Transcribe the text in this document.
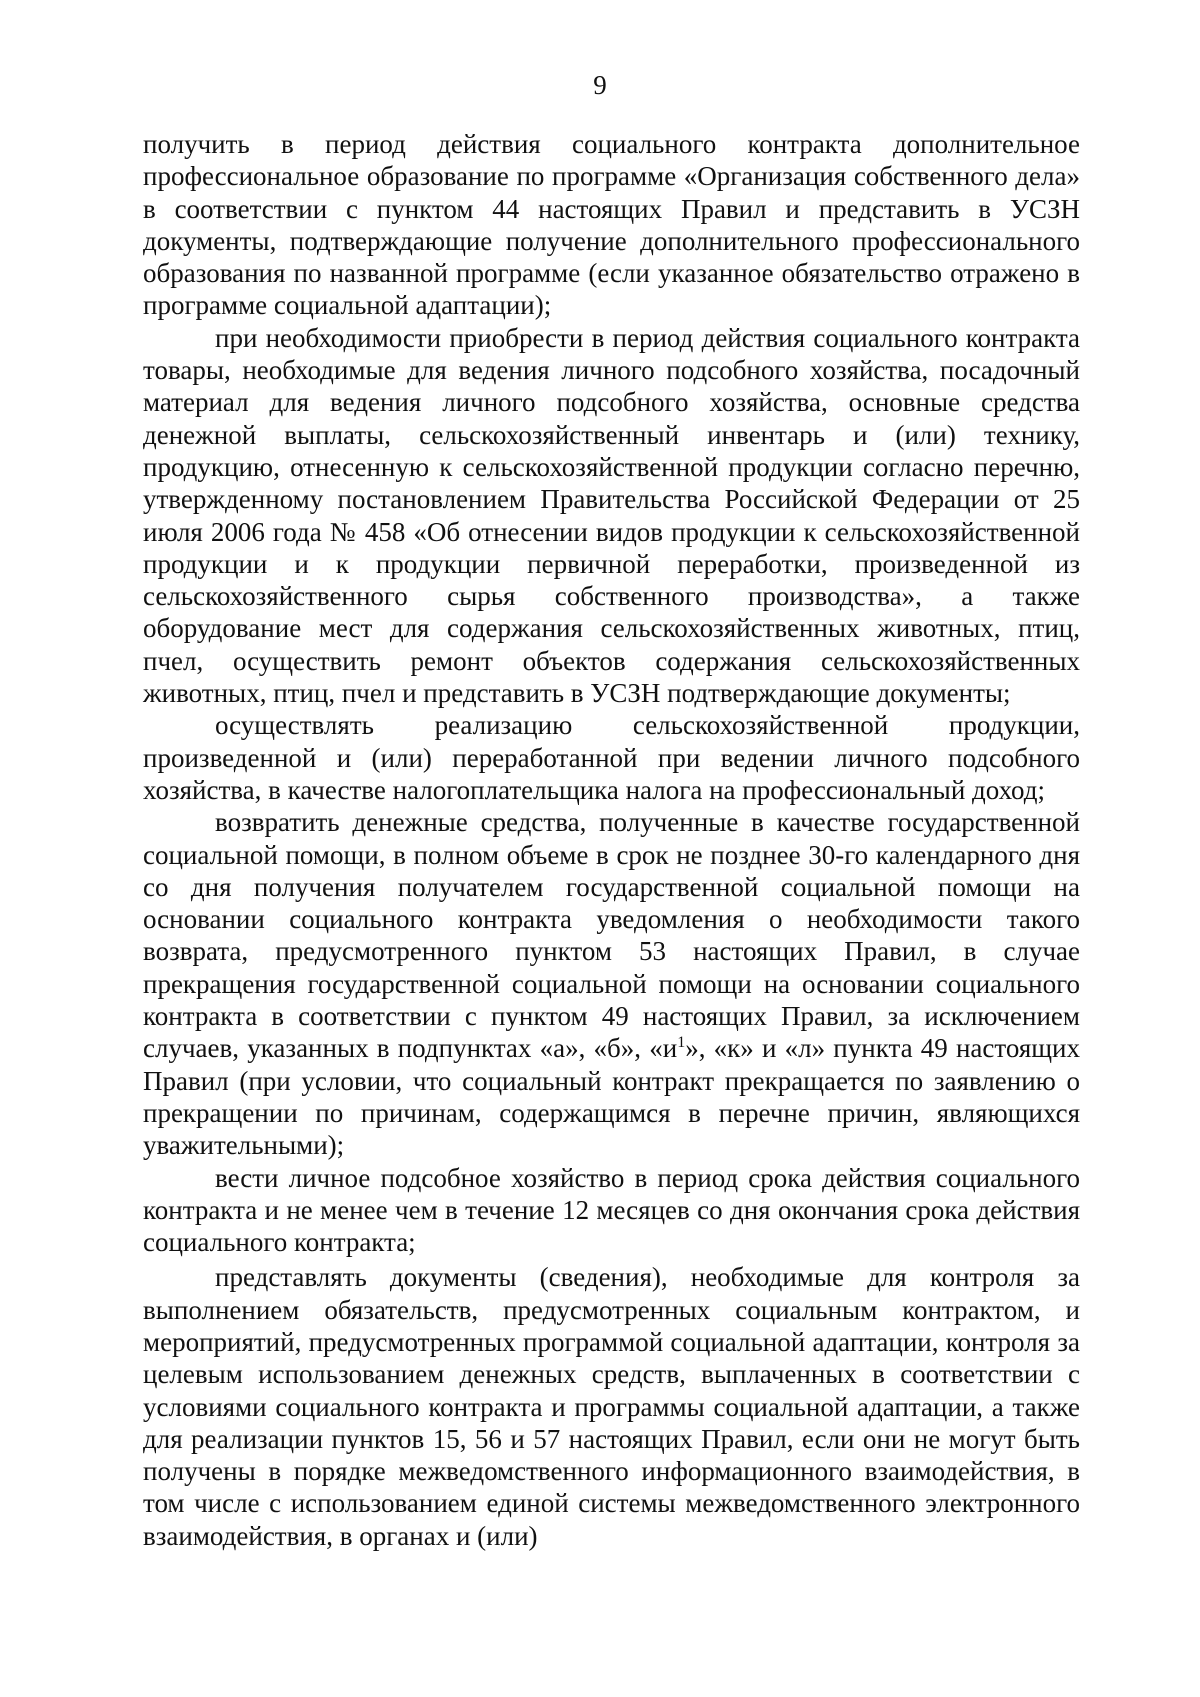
9

получить в период действия социального контракта дополнительное профессиональное образование по программе «Организация собственного дела» в соответствии с пунктом 44 настоящих Правил и представить в УСЗН документы, подтверждающие получение дополнительного профессионального образования по названной программе (если указанное обязательство отражено в программе социальной адаптации);

при необходимости приобрести в период действия социального контракта товары, необходимые для ведения личного подсобного хозяйства, посадочный материал для ведения личного подсобного хозяйства, основные средства денежной выплаты, сельскохозяйственный инвентарь и (или) технику, продукцию, отнесенную к сельскохозяйственной продукции согласно перечню, утвержденному постановлением Правительства Российской Федерации от 25 июля 2006 года № 458 «Об отнесении видов продукции к сельскохозяйственной продукции и к продукции первичной переработки, произведенной из сельскохозяйственного сырья собственного производства», а также оборудование мест для содержания сельскохозяйственных животных, птиц, пчел, осуществить ремонт объектов содержания сельскохозяйственных животных, птиц, пчел и представить в УСЗН подтверждающие документы;

осуществлять реализацию сельскохозяйственной продукции, произведенной и (или) переработанной при ведении личного подсобного хозяйства, в качестве налогоплательщика налога на профессиональный доход;

возвратить денежные средства, полученные в качестве государственной социальной помощи, в полном объеме в срок не позднее 30-го календарного дня со дня получения получателем государственной социальной помощи на основании социального контракта уведомления о необходимости такого возврата, предусмотренного пунктом 53 настоящих Правил, в случае прекращения государственной социальной помощи на основании социального контракта в соответствии с пунктом 49 настоящих Правил, за исключением случаев, указанных в подпунктах «а», «б», «$и^1$», «к» и «л» пункта 49 настоящих Правил (при условии, что социальный контракт прекращается по заявлению о прекращении по причинам, содержащимся в перечне причин, являющихся уважительными);

вести личное подсобное хозяйство в период срока действия социального контракта и не менее чем в течение 12 месяцев со дня окончания срока действия социального контракта;

представлять документы (сведения), необходимые для контроля за выполнением обязательств, предусмотренных социальным контрактом, и мероприятий, предусмотренных программой социальной адаптации, контроля за целевым использованием денежных средств, выплаченных в соответствии с условиями социального контракта и программы социальной адаптации, а также для реализации пунктов 15, 56 и 57 настоящих Правил, если они не могут быть получены в порядке межведомственного информационного взаимодействия, в том числе с использованием единой системы межведомственного электронного взаимодействия, в органах и (или)
